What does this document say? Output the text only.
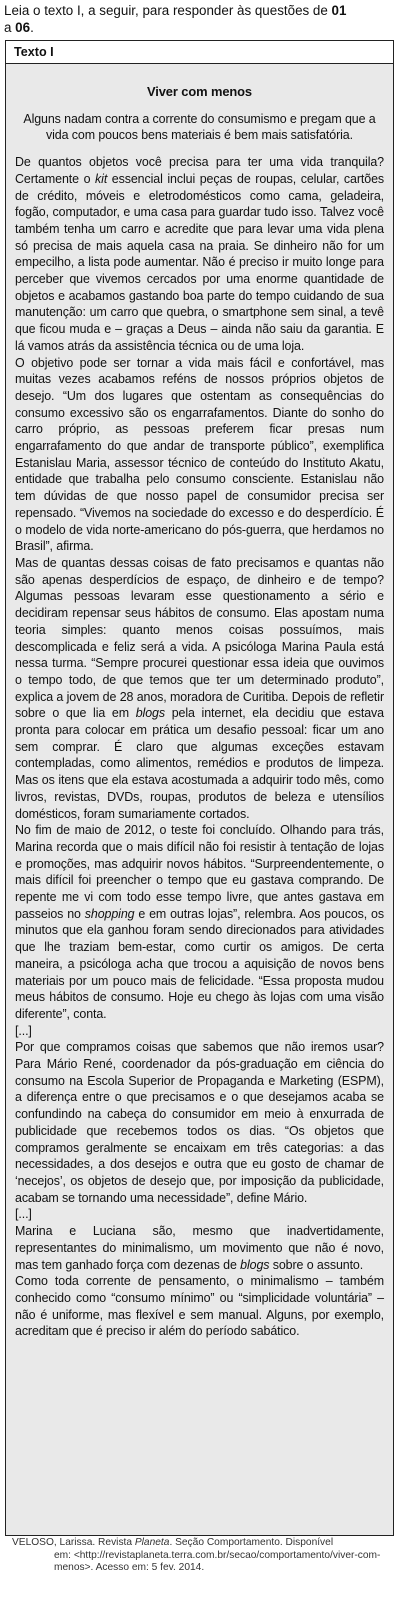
Leia o texto I, a seguir, para responder às questões de 01
a 06.
Texto I
Viver com menos
Alguns nadam contra a corrente do consumismo e pregam que a vida com poucos bens materiais é bem mais satisfatória.

De quantos objetos você precisa para ter uma vida tranquila? Certamente o kit essencial inclui peças de roupas, celular, cartões de crédito, móveis e eletrodomésticos como cama, geladeira, fogão, computador, e uma casa para guardar tudo isso. Talvez você também tenha um carro e acredite que para levar uma vida plena só precisa de mais aquela casa na praia. Se dinheiro não for um empecilho, a lista pode aumentar. Não é preciso ir muito longe para perceber que vivemos cercados por uma enorme quantidade de objetos e acabamos gastando boa parte do tempo cuidando de sua manutenção: um carro que quebra, o smartphone sem sinal, a tevê que ficou muda e – graças a Deus – ainda não saiu da garantia. E lá vamos atrás da assistência técnica ou de uma loja.

O objetivo pode ser tornar a vida mais fácil e confortável, mas muitas vezes acabamos reféns de nossos próprios objetos de desejo. “Um dos lugares que ostentam as consequências do consumo excessivo são os engarrafamentos. Diante do sonho do carro próprio, as pessoas preferem ficar presas num engarrafamento do que andar de transporte público”, exemplifica Estanislau Maria, assessor técnico de conteúdo do Instituto Akatu, entidade que trabalha pelo consumo consciente. Estanislau não tem dúvidas de que nosso papel de consumidor precisa ser repensado. “Vivemos na sociedade do excesso e do desperdício. É o modelo de vida norte-americano do pós-guerra, que herdamos no Brasil”, afirma.

Mas de quantas dessas coisas de fato precisamos e quantas não são apenas desperdícios de espaço, de dinheiro e de tempo? Algumas pessoas levaram esse questionamento a sério e decidiram repensar seus hábitos de consumo. Elas apostam numa teoria simples: quanto menos coisas possuímos, mais descomplicada e feliz será a vida. A psicóloga Marina Paula está nessa turma. “Sempre procurei questionar essa ideia que ouvimos o tempo todo, de que temos que ter um determinado produto”, explica a jovem de 28 anos, moradora de Curitiba. Depois de refletir sobre o que lia em blogs pela internet, ela decidiu que estava pronta para colocar em prática um desafio pessoal: ficar um ano sem comprar. É claro que algumas exceções estavam contempladas, como alimentos, remédios e produtos de limpeza. Mas os itens que ela estava acostumada a adquirir todo mês, como livros, revistas, DVDs, roupas, produtos de beleza e utensílios domésticos, foram sumariamente cortados.

No fim de maio de 2012, o teste foi concluído. Olhando para trás, Marina recorda que o mais difícil não foi resistir à tentação de lojas e promoções, mas adquirir novos hábitos. “Surpreendentemente, o mais difícil foi preencher o tempo que eu gastava comprando. De repente me vi com todo esse tempo livre, que antes gastava em passeios no shopping e em outras lojas”, relembra. Aos poucos, os minutos que ela ganhou foram sendo direcionados para atividades que lhe traziam bem-estar, como curtir os amigos. De certa maneira, a psicóloga acha que trocou a aquisição de novos bens materiais por um pouco mais de felicidade. “Essa proposta mudou meus hábitos de consumo. Hoje eu chego às lojas com uma visão diferente”, conta.

[...]

Por que compramos coisas que sabemos que não iremos usar? Para Mário René, coordenador da pós-graduação em ciência do consumo na Escola Superior de Propaganda e Marketing (ESPM), a diferença entre o que precisamos e o que desejamos acaba se confundindo na cabeça do consumidor em meio à enxurrada de publicidade que recebemos todos os dias. “Os objetos que compramos geralmente se encaixam em três categorias: a das necessidades, a dos desejos e outra que eu gosto de chamar de ‘necejos’, os objetos de desejo que, por imposição da publicidade, acabam se tornando uma necessidade”, define Mário.

[...]

Marina e Luciana são, mesmo que inadvertidamente, representantes do minimalismo, um movimento que não é novo, mas tem ganhado força com dezenas de blogs sobre o assunto.

Como toda corrente de pensamento, o minimalismo – também conhecido como “consumo mínimo” ou “simplicidade voluntária” – não é uniforme, mas flexível e sem manual. Alguns, por exemplo, acreditam que é preciso ir além do período sabático.

VELOSO, Larissa. Revista Planeta. Seção Comportamento. Disponível
em: <http://revistaplaneta.terra.com.br/secao/comportamento/viver-com-menos>. Acesso em: 5 fev. 2014.
